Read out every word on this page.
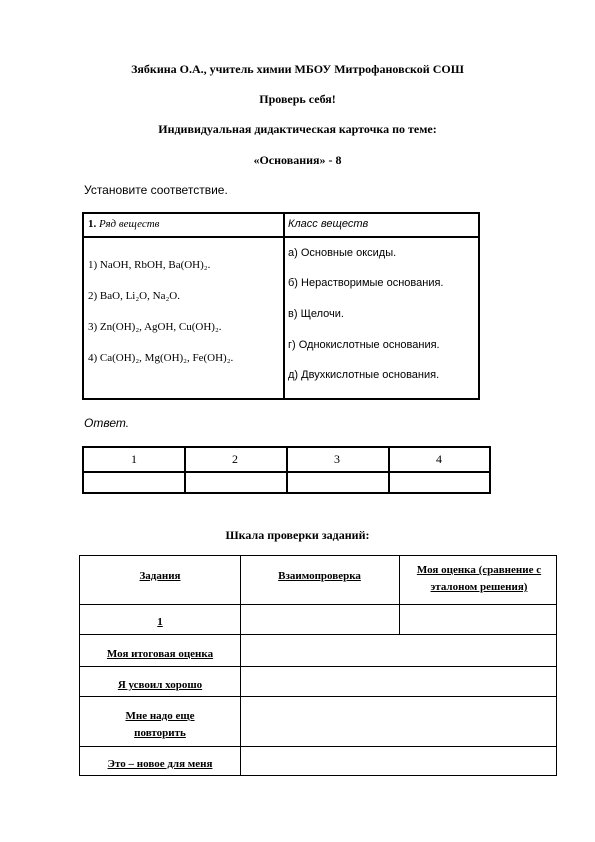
Зябкина О.А., учитель химии МБОУ Митрофановской СОШ
Проверь себя!
Индивидуальная дидактическая карточка по теме:
«Основания» - 8
Установите соответствие.
1. Ряд веществ	Класс веществ
1) NaOH, RbOH, Ba(OH)₂.
2) BaO, Li₂O, Na₂O.
3) Zn(OH)₂, AgOH, Cu(OH)₂.
4) Ca(OH)₂, Mg(OH)₂, Fe(OH)₂.
а) Основные оксиды.
б) Нерастворимые основания.
в) Щелочи.
г) Однокислотные основания.
д) Двухкислотные основания.
Ответ.
1	2	3	4
Шкала проверки заданий:
Задания	Взаимопроверка	Моя оценка (сравнение с эталоном решения)
1
Моя итоговая оценка
Я усвоил хорошо
Мне надо еще повторить
Это – новое для меня
